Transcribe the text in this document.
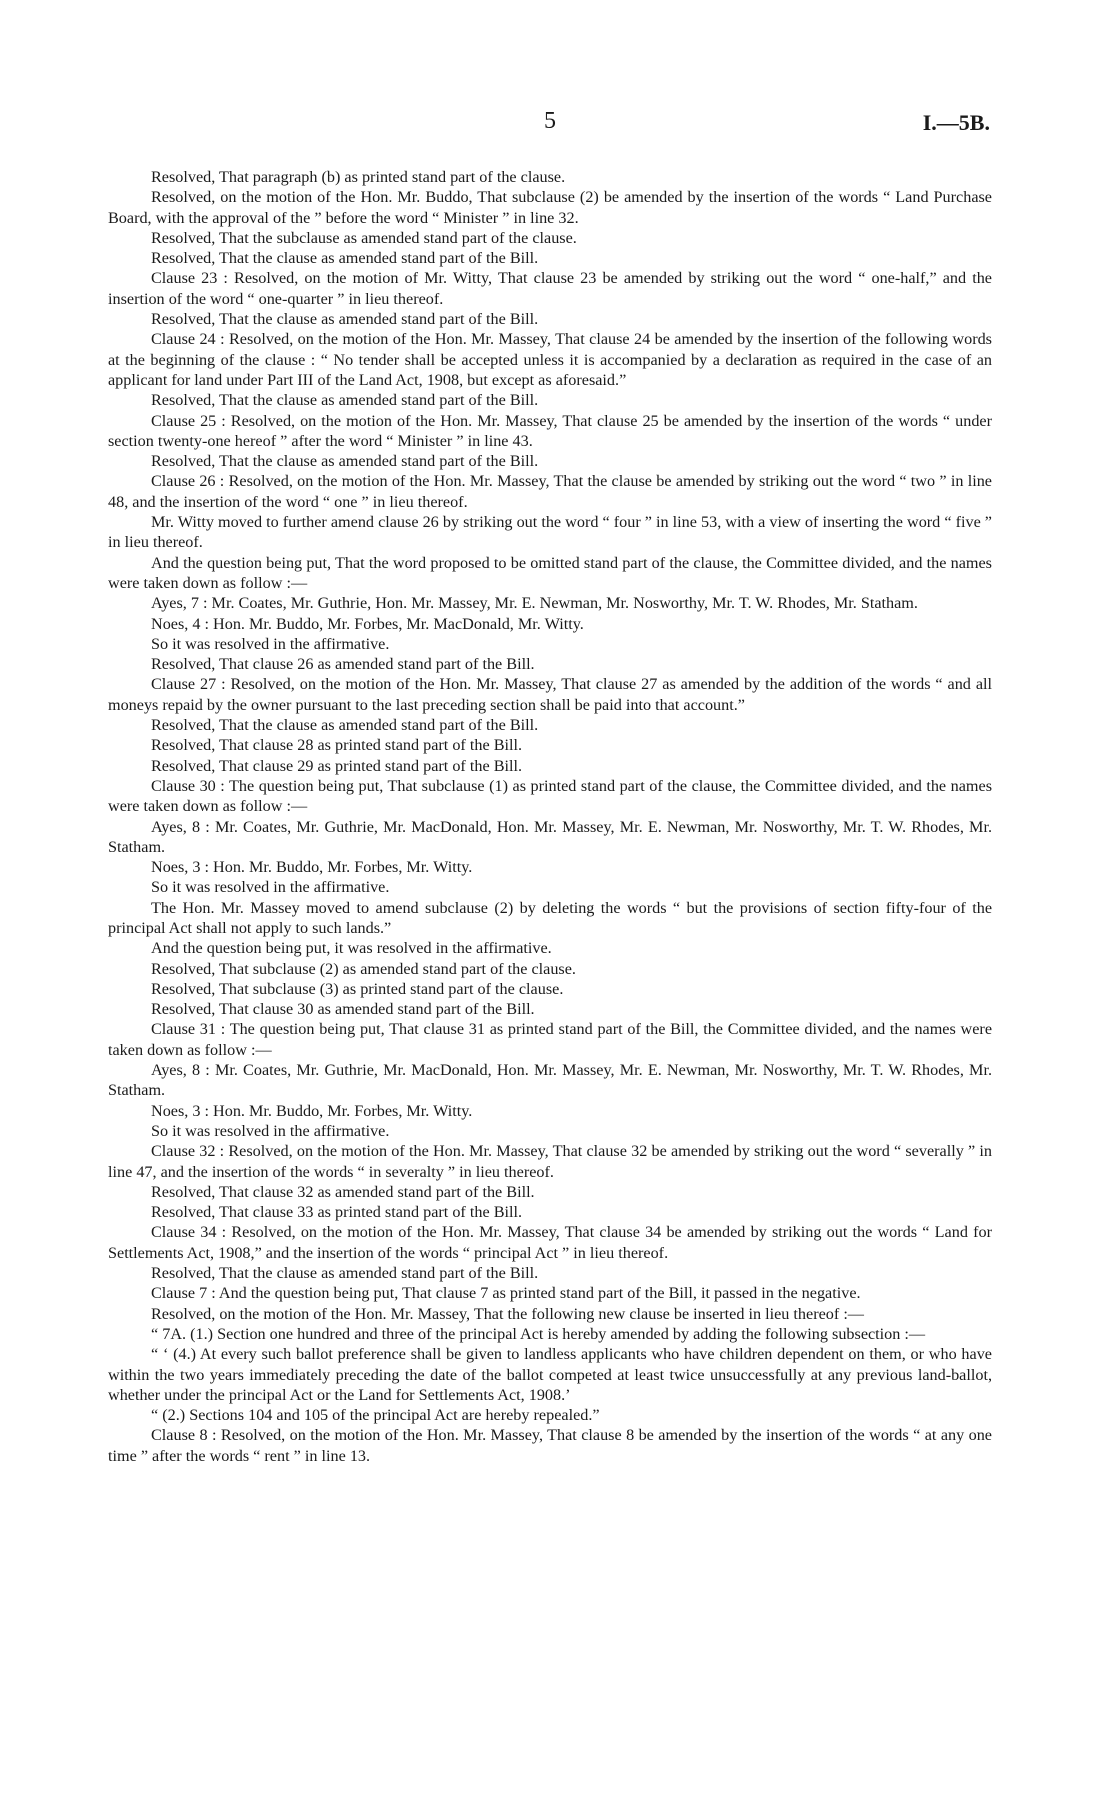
5	I.—5B.

Resolved, That paragraph (b) as printed stand part of the clause.

Resolved, on the motion of the Hon. Mr. Buddo, That subclause (2) be amended by the insertion of the words “ Land Purchase Board, with the approval of the ” before the word “ Minister ” in line 32.

Resolved, That the subclause as amended stand part of the clause.

Resolved, That the clause as amended stand part of the Bill.

Clause 23 : Resolved, on the motion of Mr. Witty, That clause 23 be amended by striking out the word “ one-half,” and the insertion of the word “ one-quarter ” in lieu thereof.

Resolved, That the clause as amended stand part of the Bill.

Clause 24 : Resolved, on the motion of the Hon. Mr. Massey, That clause 24 be amended by the insertion of the following words at the beginning of the clause : “ No tender shall be accepted unless it is accompanied by a declaration as required in the case of an applicant for land under Part III of the Land Act, 1908, but except as aforesaid.”

Resolved, That the clause as amended stand part of the Bill.

Clause 25 : Resolved, on the motion of the Hon. Mr. Massey, That clause 25 be amended by the insertion of the words “ under section twenty-one hereof ” after the word “ Minister ” in line 43.

Resolved, That the clause as amended stand part of the Bill.

Clause 26 : Resolved, on the motion of the Hon. Mr. Massey, That the clause be amended by striking out the word “ two ” in line 48, and the insertion of the word “ one ” in lieu thereof.

Mr. Witty moved to further amend clause 26 by striking out the word “ four ” in line 53, with a view of inserting the word “ five ” in lieu thereof.

And the question being put, That the word proposed to be omitted stand part of the clause, the Committee divided, and the names were taken down as follow :—

Ayes, 7 : Mr. Coates, Mr. Guthrie, Hon. Mr. Massey, Mr. E. Newman, Mr. Nosworthy, Mr. T. W. Rhodes, Mr. Statham.

Noes, 4 : Hon. Mr. Buddo, Mr. Forbes, Mr. MacDonald, Mr. Witty.

So it was resolved in the affirmative.

Resolved, That clause 26 as amended stand part of the Bill.

Clause 27 : Resolved, on the motion of the Hon. Mr. Massey, That clause 27 as amended by the addition of the words “ and all moneys repaid by the owner pursuant to the last preceding section shall be paid into that account.”

Resolved, That the clause as amended stand part of the Bill.

Resolved, That clause 28 as printed stand part of the Bill.

Resolved, That clause 29 as printed stand part of the Bill.

Clause 30 : The question being put, That subclause (1) as printed stand part of the clause, the Committee divided, and the names were taken down as follow :—

Ayes, 8 : Mr. Coates, Mr. Guthrie, Mr. MacDonald, Hon. Mr. Massey, Mr. E. Newman, Mr. Nosworthy, Mr. T. W. Rhodes, Mr. Statham.

Noes, 3 : Hon. Mr. Buddo, Mr. Forbes, Mr. Witty.

So it was resolved in the affirmative.

The Hon. Mr. Massey moved to amend subclause (2) by deleting the words “ but the provisions of section fifty-four of the principal Act shall not apply to such lands.”

And the question being put, it was resolved in the affirmative.

Resolved, That subclause (2) as amended stand part of the clause.

Resolved, That subclause (3) as printed stand part of the clause.

Resolved, That clause 30 as amended stand part of the Bill.

Clause 31 : The question being put, That clause 31 as printed stand part of the Bill, the Committee divided, and the names were taken down as follow :—

Ayes, 8 : Mr. Coates, Mr. Guthrie, Mr. MacDonald, Hon. Mr. Massey, Mr. E. Newman, Mr. Nosworthy, Mr. T. W. Rhodes, Mr. Statham.

Noes, 3 : Hon. Mr. Buddo, Mr. Forbes, Mr. Witty.

So it was resolved in the affirmative.

Clause 32 : Resolved, on the motion of the Hon. Mr. Massey, That clause 32 be amended by striking out the word “ severally ” in line 47, and the insertion of the words “ in severalty ” in lieu thereof.

Resolved, That clause 32 as amended stand part of the Bill.

Resolved, That clause 33 as printed stand part of the Bill.

Clause 34 : Resolved, on the motion of the Hon. Mr. Massey, That clause 34 be amended by striking out the words “ Land for Settlements Act, 1908,” and the insertion of the words “ principal Act ” in lieu thereof.

Resolved, That the clause as amended stand part of the Bill.

Clause 7 : And the question being put, That clause 7 as printed stand part of the Bill, it passed in the negative.

Resolved, on the motion of the Hon. Mr. Massey, That the following new clause be inserted in lieu thereof :—

“ 7A. (1.) Section one hundred and three of the principal Act is hereby amended by adding the following subsection :—

“ ‘ (4.) At every such ballot preference shall be given to landless applicants who have children dependent on them, or who have within the two years immediately preceding the date of the ballot competed at least twice unsuccessfully at any previous land-ballot, whether under the principal Act or the Land for Settlements Act, 1908.’

“ (2.) Sections 104 and 105 of the principal Act are hereby repealed.”

Clause 8 : Resolved, on the motion of the Hon. Mr. Massey, That clause 8 be amended by the insertion of the words “ at any one time ” after the words “ rent ” in line 13.
